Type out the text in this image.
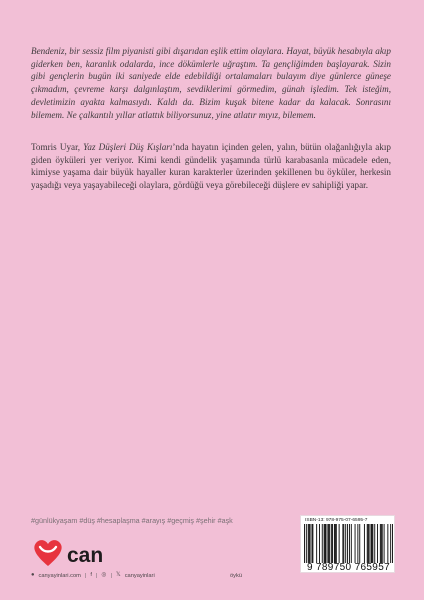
Bendeniz, bir sessiz film piyanisti gibi dışarıdan eşlik ettim olaylara. Hayat, büyük hesabıyla akıp giderken ben, karanlık odalarda, ince dökümlerle uğraştım. Ta gençliğimden başlayarak. Sizin gibi gençlerin bugün iki saniyede elde edebildiği ortalamaları bulayım diye günlerce güneşe çıkmadım, çevreme karşı dalgınlaştım, sevdiklerimi görmedim, günah işledim. Tek isteğim, devletimizin ayakta kalmasıydı. Kaldı da. Bizim kuşak bitene kadar da kalacak. Sonrasını bilemem. Ne çalkantılı yıllar atlattık biliyorsunuz, yine atlatır mıyız, bilemem.
Tomris Uyar, Yaz Düşleri Düş Kışları’nda hayatın içinden gelen, yalın, bütün olağanlığıyla akıp giden öyküleri yer veriyor. Kimi kendi gündelik yaşamında türlü karabasanla mücadele eden, kimiyse yaşama dair büyük hayaller kuran karakterler üzerinden şekillenen bu öyküler, herkesin yaşadığı veya yaşayabileceği olaylara, gördüğü veya görebileceği düşlere ev sahipliği yapar.
#günlükyaşam #düş #hesaplaşma #arayış #geçmiş #şehir #aşk
can
● canyayinlari.com | f | ◎ | 𝕏 canyayinlari	öykü
ISBN-13: 978-975-07-6595-7
9 789750 765957
